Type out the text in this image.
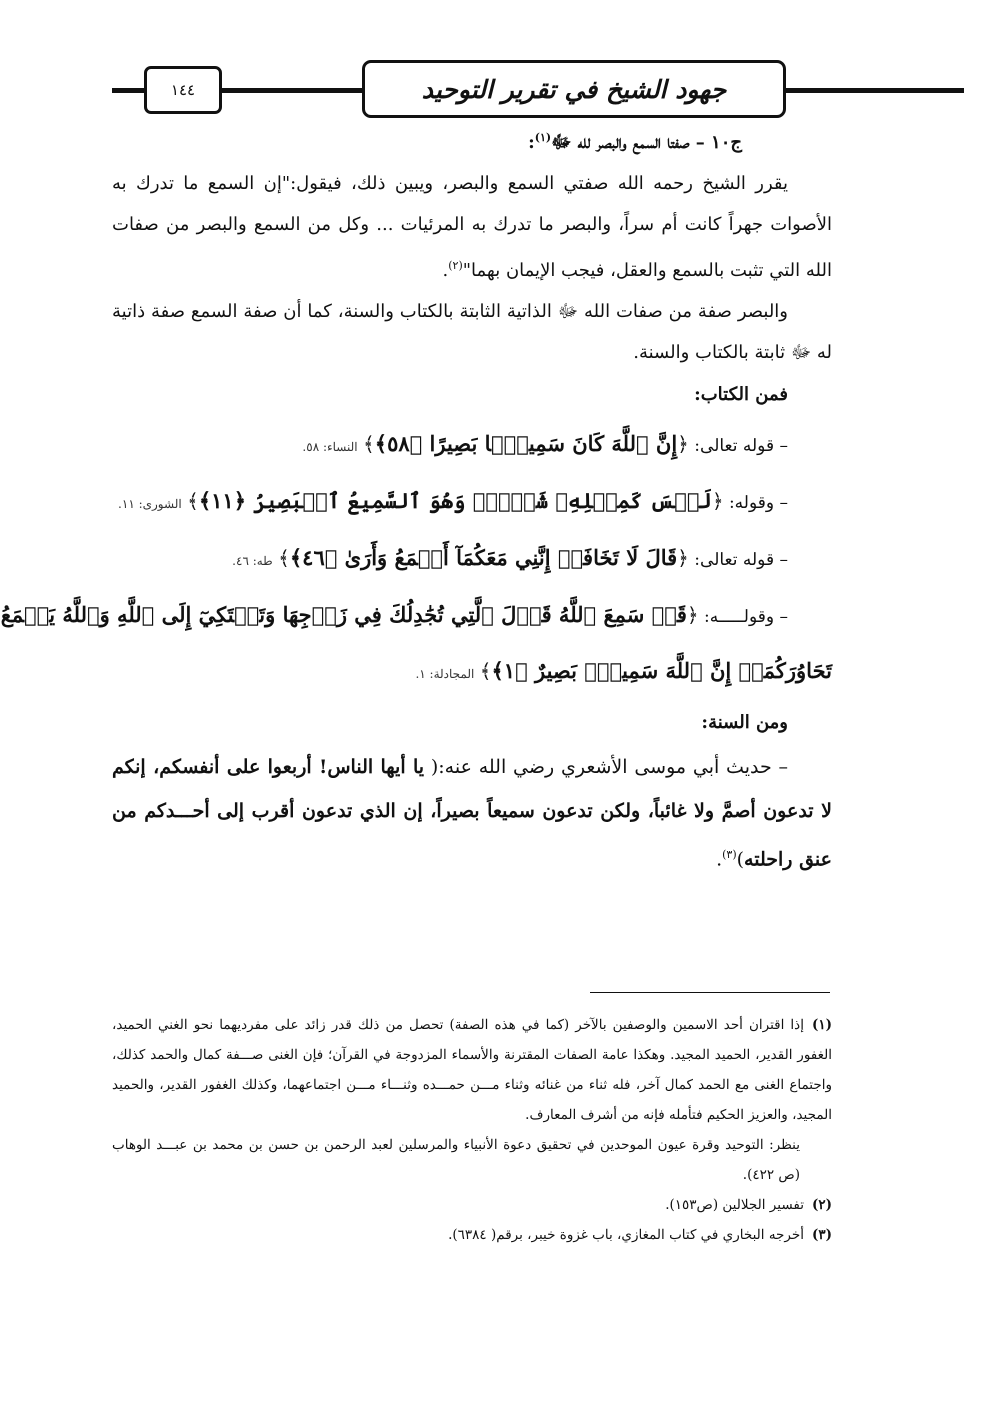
١٤٤	جهود الشيخ في تقرير التوحيد

ج١٠ – صفتا السمع والبصر لله ﷻ$^{(١)}$:

يقرر الشيخ رحمه الله صفتي السمع والبصر، ويبين ذلك، فيقول:"إن السمع ما تدرك به الأصوات جهراً كانت أم سراً، والبصر ما تدرك به المرئيات ... وكل من السمع والبصر من صفات الله التي تثبت بالسمع والعقل، فيجب الإيمان بهما"$^{(٢)}$.

والبصر صفة من صفات الله ﷻ الذاتية الثابتة بالكتاب والسنة، كما أن صفة السمع صفة ذاتية له ﷻ ثابتة بالكتاب والسنة.

فمن الكتاب:

– قوله تعالى: ﴿إِنَّ ٱللَّهَ كَانَ سَمِيعًۢا بَصِيرًا ﴿٥٨﴾﴾ النساء: ٥٨.

– وقوله: ﴿لَيۡسَ كَمِثۡلِهِۦ شَيۡءٞۖ وَهُوَ ٱلسَّمِيعُ ٱلۡبَصِيرُ ﴿١١﴾﴾ الشورى: ١١.

– قوله تعالى: ﴿قَالَ لَا تَخَافَآۖ إِنَّنِي مَعَكُمَآ أَسۡمَعُ وَأَرَىٰ ﴿٤٦﴾﴾ طه: ٤٦.

– وقولـــــه: ﴿قَدۡ سَمِعَ ٱللَّهُ قَوۡلَ ٱلَّتِي تُجَٰدِلُكَ فِي زَوۡجِهَا وَتَشۡتَكِيٓ إِلَى ٱللَّهِ وَٱللَّهُ يَسۡمَعُ

تَحَاوُرَكُمَآۚ إِنَّ ٱللَّهَ سَمِيعُۢ بَصِيرٌ ﴿١﴾﴾ المجادلة: ١.

ومن السنة:

– حديث أبي موسى الأشعري رضي الله عنه:( يا أيها الناس! أربعوا على أنفسكم، إنكم لا تدعون أصمَّ ولا غائباً، ولكن تدعون سميعاً بصيراً، إن الذي تدعون أقرب إلى أحـــدكم من عنق راحلته)$^{(٣)}$.

(١)إذا اقتران أحد الاسمين والوصفين بالآخر (كما في هذه الصفة) تحصل من ذلك قدر زائد على مفرديهما نحو الغني الحميد، الغفور القدير، الحميد المجيد. وهكذا عامة الصفات المقترنة والأسماء المزدوجة في القرآن؛ فإن الغنى صـــفة كمال والحمد كذلك، واجتماع الغنى مع الحمد كمال آخر، فله ثناء من غنائه وثناء مـــن حمـــده وثنـــاء مـــن اجتماعهما، وكذلك الغفور القدير، والحميد المجيد، والعزيز الحكيم فتأمله فإنه من أشرف المعارف.

ينظر: التوحيد وقرة عيون الموحدين في تحقيق دعوة الأنبياء والمرسلين لعبد الرحمن بن حسن بن محمد بن عبـــد الوهاب (ص ٤٢٢).

(٢)تفسير الجلالين (ص١٥٣).

(٣)أخرجه البخاري في كتاب المغازي، باب غزوة خيبر، برقم( ٦٣٨٤).
